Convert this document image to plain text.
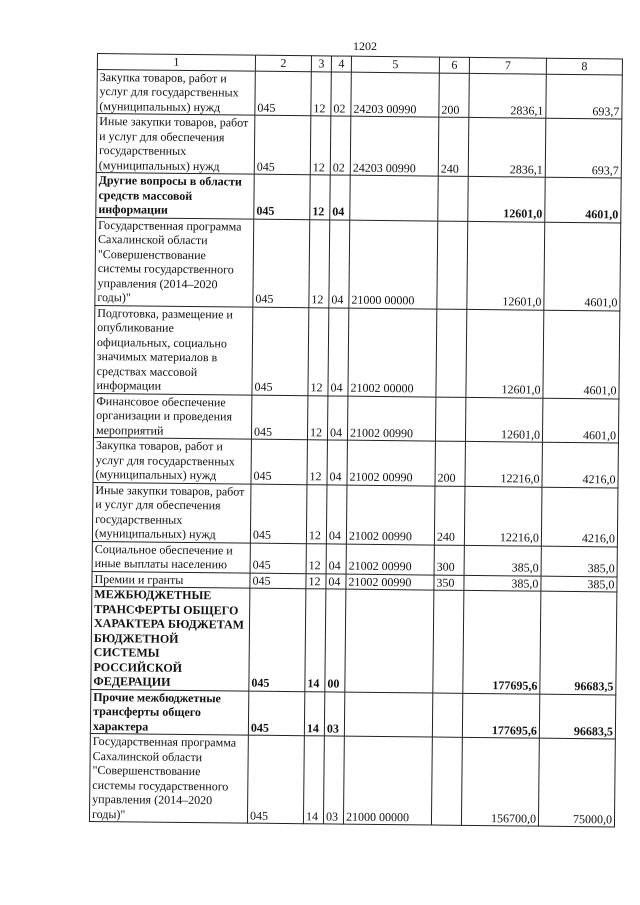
1202
1	2	3	4	5	6	7	8
Закупка товаров, работ и услуг для государственных (муниципальных) нужд	045	12	02	24203 00990	200	2836,1	693,7
Иные закупки товаров, работ и услуг для обеспечения государственных (муниципальных) нужд	045	12	02	24203 00990	240	2836,1	693,7
Другие вопросы в области средств массовой информации	045	12	04			12601,0	4601,0
Государственная программа Сахалинской области "Совершенствование системы государственного управления (2014–2020 годы)"	045	12	04	21000 00000		12601,0	4601,0
Подготовка, размещение и опубликование официальных, социально значимых материалов в средствах массовой информации	045	12	04	21002 00000		12601,0	4601,0
Финансовое обеспечение организации и проведения мероприятий	045	12	04	21002 00990		12601,0	4601,0
Закупка товаров, работ и услуг для государственных (муниципальных) нужд	045	12	04	21002 00990	200	12216,0	4216,0
Иные закупки товаров, работ и услуг для обеспечения государственных (муниципальных) нужд	045	12	04	21002 00990	240	12216,0	4216,0
Социальное обеспечение и иные выплаты населению	045	12	04	21002 00990	300	385,0	385,0
Премии и гранты	045	12	04	21002 00990	350	385,0	385,0
МЕЖБЮДЖЕТНЫЕ ТРАНСФЕРТЫ ОБЩЕГО ХАРАКТЕРА БЮДЖЕТАМ БЮДЖЕТНОЙ СИСТЕМЫ РОССИЙСКОЙ ФЕДЕРАЦИИ	045	14	00			177695,6	96683,5
Прочие межбюджетные трансферты общего характера	045	14	03			177695,6	96683,5
Государственная программа Сахалинской области "Совершенствование системы государственного управления (2014–2020 годы)"	045	14	03	21000 00000		156700,0	75000,0
